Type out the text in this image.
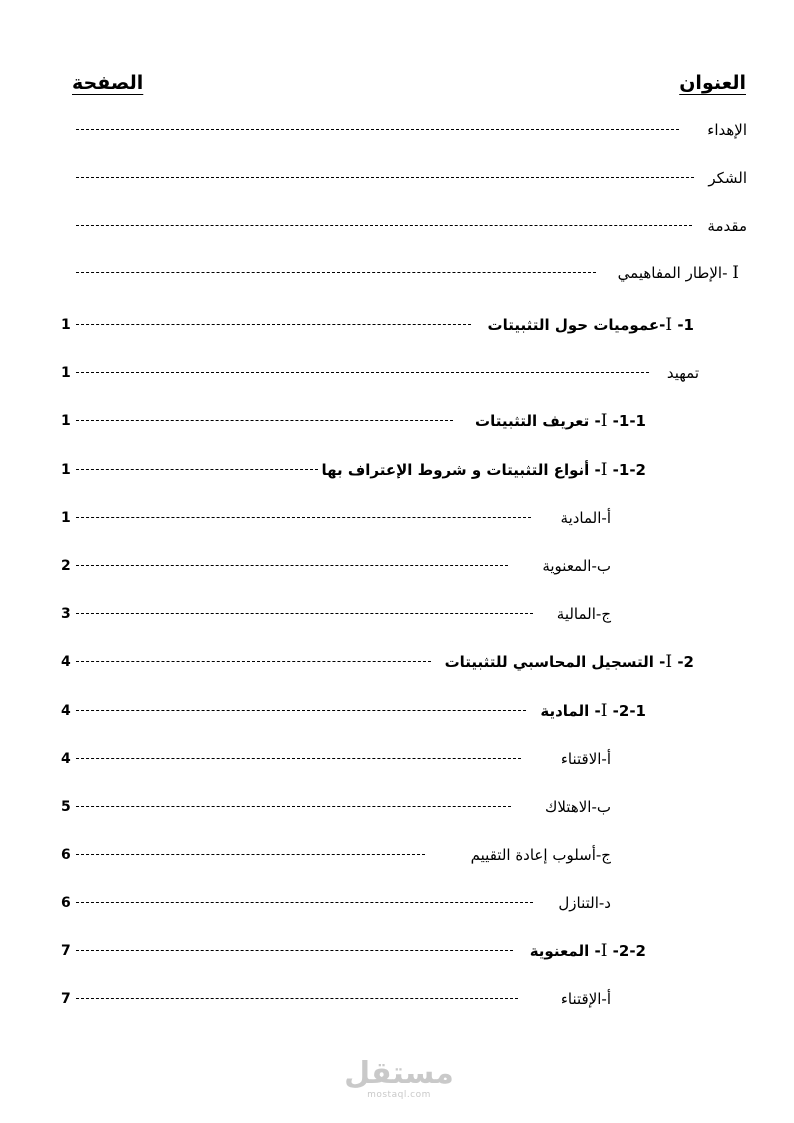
العنوان
الصفحة
الإهداء
الشكر
مقدمة
I -الإطار المفاهيمي
I -1-عموميات حول التثبيتات
1
تمهيد
1
I -1-1- تعريف التثبيتات
1
I -1-2- أنواع التثبيتات و شروط الإعتراف بها
1
أ-المادية
1
ب-المعنوية
2
ج-المالية
3
I -2- التسجيل المحاسبي للتثبيتات
4
I -2-1- المادية
4
أ-الاقتناء
4
ب-الاهتلاك
5
ج-أسلوب إعادة التقييم
6
د-التنازل
6
I -2-2- المعنوية
7
أ-الإقتناء
7
مستقل
mostaql.com
